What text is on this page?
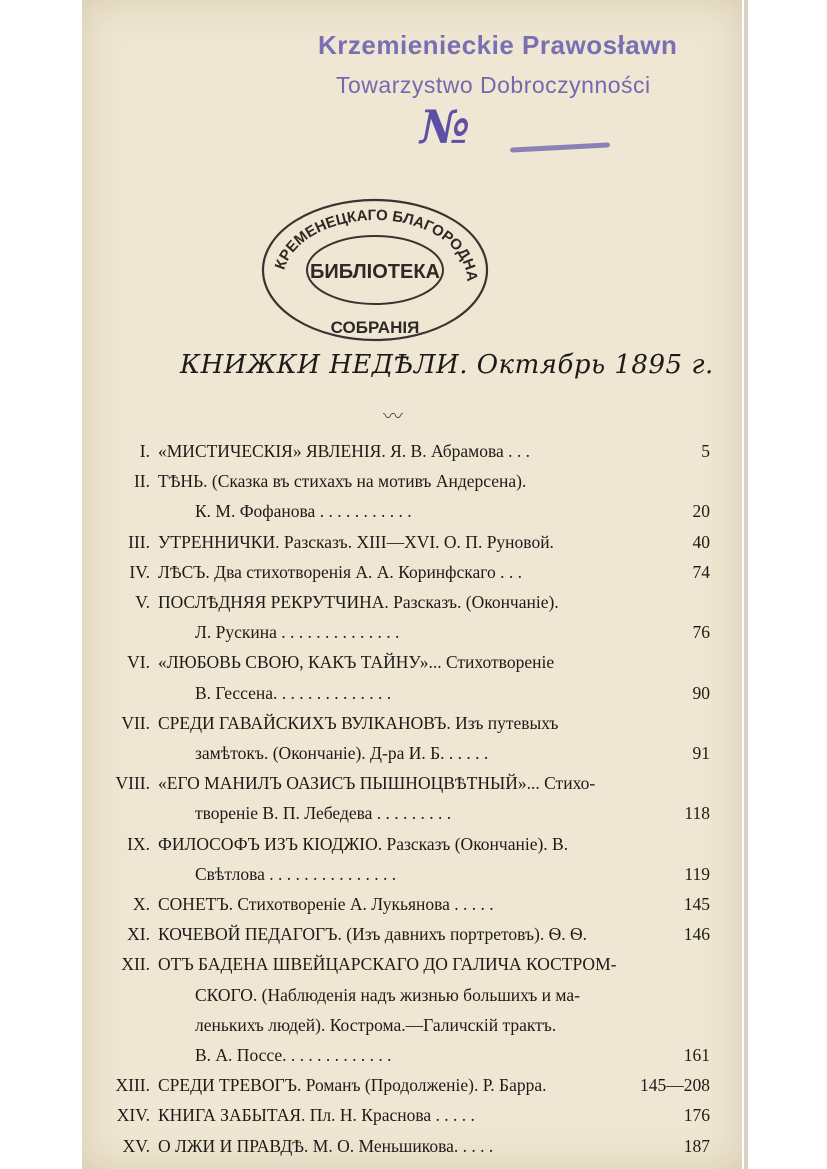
Krzemienieckie Prawosławn
Towarzystwo Dobroczynności
№
БИБЛІОТЕКА
КРЕМЕНЕЦКАГО БЛАГОРОДНА
СОБРАНІЯ
КНИЖКИ НЕДѢЛИ. Октябрь 1895 г.
〰
I. «МИСТИЧЕСКІЯ» ЯВЛЕНІЯ. Я. В. Абрамова . . .	5
II. ТѢНЬ. (Сказка въ стихахъ на мотивъ Андерсена).
К. М. Фофанова . . . . . . . . . . .	20
III. УТРЕННИЧКИ. Разсказъ. XIII—XVI. О. П. Руновой.	40
IV. ЛѢСЪ. Два стихотворенія А. А. Коринфскаго . . .	74
V. ПОСЛѢДНЯЯ РЕКРУТЧИНА. Разсказъ. (Окончаніе).
Л. Рускина . . . . . . . . . . . . . .	76
VI. «ЛЮБОВЬ СВОЮ, КАКЪ ТАЙНУ»... Стихотвореніе
В. Гессена. . . . . . . . . . . . . .	90
VII. СРЕДИ ГАВАЙСКИХЪ ВУЛКАНОВЪ. Изъ путевыхъ
замѣтокъ. (Окончаніе). Д-ра И. Б. . . . . .	91
VIII. «ЕГО МАНИЛЪ ОАЗИСЪ ПЫШНОЦВѢТНЫЙ»... Стихо-
твореніе В. П. Лебедева . . . . . . . . .	118
IX. ФИЛОСОФЪ ИЗЪ КІОДЖІО. Разсказъ (Окончаніе). В.
Свѣтлова . . . . . . . . . . . . . . .	119
X. СОНЕТЪ. Стихотвореніе А. Лукьянова . . . . .	145
XI. КОЧЕВОЙ ПЕДАГОГЪ. (Изъ давнихъ портретовъ). Ѳ. Ѳ.	146
XII. ОТЪ БАДЕНА ШВЕЙЦАРСКАГО ДО ГАЛИЧА КОСТРОМ-
СКОГО. (Наблюденія надъ жизнью большихъ и ма-
ленькихъ людей). Кострома.—Галичскій трактъ.
В. А. Поссе. . . . . . . . . . . . .	161
XIII. СРЕДИ ТРЕВОГЪ. Романъ (Продолженіе). Р. Барра.	145—208
XIV. КНИГА ЗАБЫТАЯ. Пл. Н. Краснова . . . . .	176
XV. О ЛЖИ И ПРАВДѢ. М. О. Меньшикова. . . . .	187
